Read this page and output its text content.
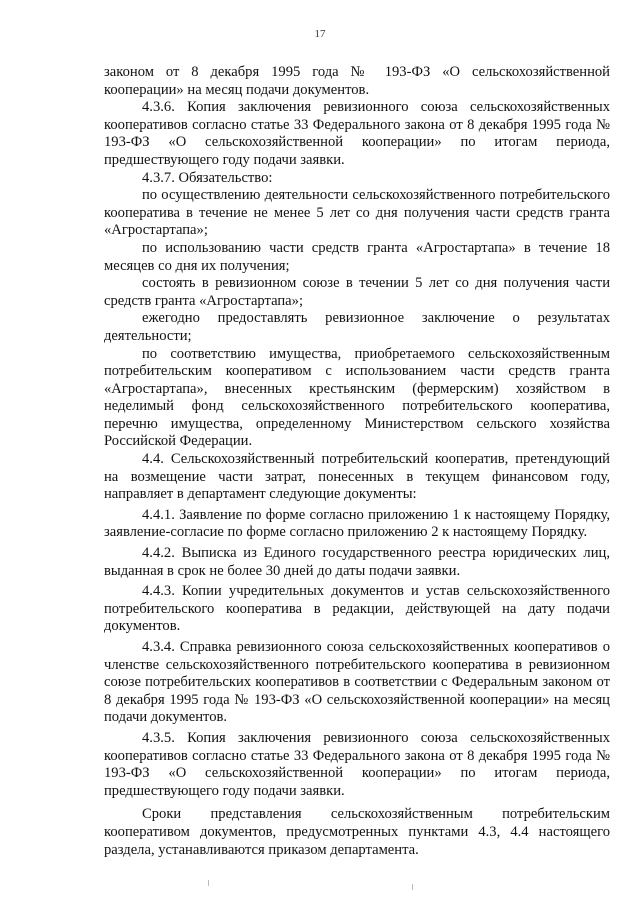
17

законом от 8 декабря 1995 года № 193-ФЗ «О сельскохозяйственной кооперации» на месяц подачи документов.

4.3.6. Копия заключения ревизионного союза сельскохозяйственных кооперативов согласно статье 33 Федерального закона от 8 декабря 1995 года № 193-ФЗ «О сельскохозяйственной кооперации» по итогам периода, предшествующего году подачи заявки.

4.3.7. Обязательство:

по осуществлению деятельности сельскохозяйственного потребительского кооператива в течение не менее 5 лет со дня получения части средств гранта «Агростартапа»;

по использованию части средств гранта «Агростартапа» в течение 18 месяцев со дня их получения;

состоять в ревизионном союзе в течении 5 лет со дня получения части средств гранта «Агростартапа»;

ежегодно предоставлять ревизионное заключение о результатах деятельности;

по соответствию имущества, приобретаемого сельскохозяйственным потребительским кооперативом с использованием части средств гранта «Агростартапа», внесенных крестьянским (фермерским) хозяйством в неделимый фонд сельскохозяйственного потребительского кооператива, перечню имущества, определенному Министерством сельского хозяйства Российской Федерации.

4.4. Сельскохозяйственный потребительский кооператив, претендующий на возмещение части затрат, понесенных в текущем финансовом году, направляет в департамент следующие документы:

4.4.1. Заявление по форме согласно приложению 1 к настоящему Порядку, заявление-согласие по форме согласно приложению 2 к настоящему Порядку.

4.4.2. Выписка из Единого государственного реестра юридических лиц, выданная в срок не более 30 дней до даты подачи заявки.

4.4.3. Копии учредительных документов и устав сельскохозяйственного потребительского кооператива в редакции, действующей на дату подачи документов.

4.3.4. Справка ревизионного союза сельскохозяйственных кооперативов о членстве сельскохозяйственного потребительского кооператива в ревизионном союзе потребительских кооперативов в соответствии с Федеральным законом от 8 декабря 1995 года № 193-ФЗ «О сельскохозяйственной кооперации» на месяц подачи документов.

4.3.5. Копия заключения ревизионного союза сельскохозяйственных кооперативов согласно статье 33 Федерального закона от 8 декабря 1995 года № 193-ФЗ «О сельскохозяйственной кооперации» по итогам периода, предшествующего году подачи заявки.

Сроки представления сельскохозяйственным потребительским кооперативом документов, предусмотренных пунктами 4.3, 4.4 настоящего раздела, устанавливаются приказом департамента.
